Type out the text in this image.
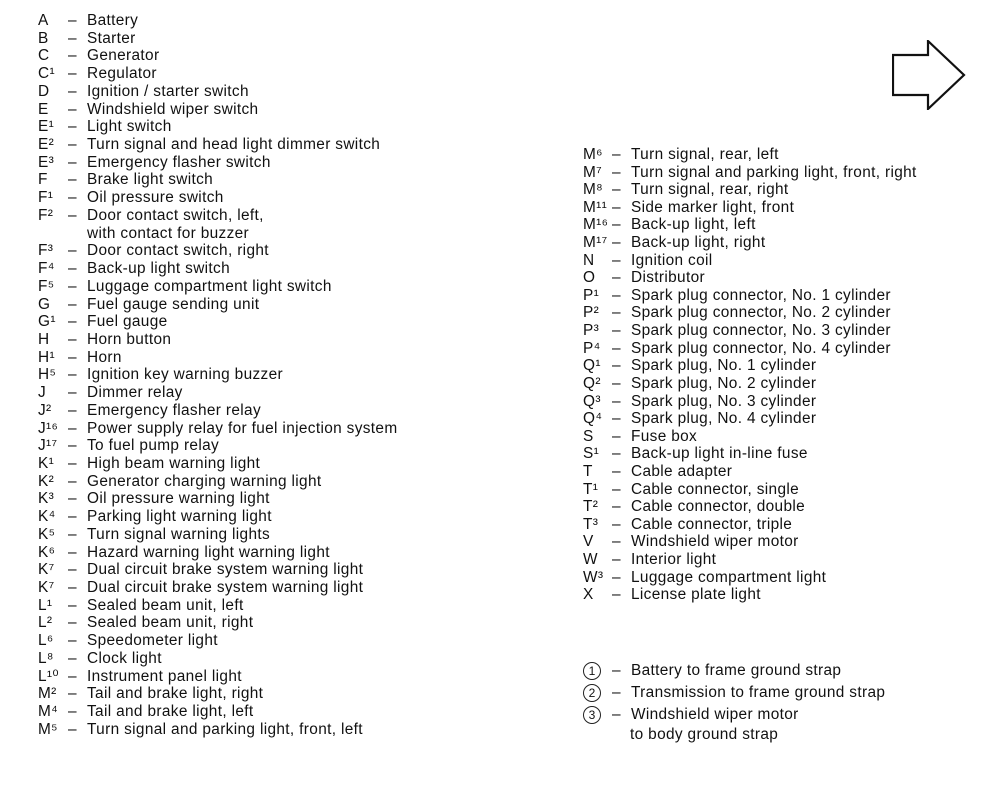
A	– Battery
B	– Starter
C	– Generator
C¹ – Regulator
D	– Ignition / starter switch
E	– Windshield wiper switch
E¹ – Light switch
E² – Turn signal and head light dimmer switch
E³ – Emergency flasher switch
F	– Brake light switch
F¹ – Oil pressure switch
F² – Door contact switch, left,
with contact for buzzer
F³ – Door contact switch, right
F⁴ – Back-up light switch
F⁵ – Luggage compartment light switch
G	– Fuel gauge sending unit
G¹ – Fuel gauge
H	– Horn button
H¹ – Horn
H⁵ – Ignition key warning buzzer
J	– Dimmer relay
J²	– Emergency flasher relay
J¹⁶ – Power supply relay for fuel injection system
J¹⁷ – To fuel pump relay
K¹ – High beam warning light
K² – Generator charging warning light
K³ – Oil pressure warning light
K⁴ – Parking light warning light
K⁵ – Turn signal warning lights
K⁶ – Hazard warning light warning light
K⁷ – Dual circuit brake system warning light
K⁷ – Dual circuit brake system warning light
L¹	– Sealed beam unit, left
L²	– Sealed beam unit, right
L⁶ – Speedometer light
L⁸ – Clock light
L¹⁰ – Instrument panel light
M² – Tail and brake light, right
M⁴ – Tail and brake light, left
M⁵ – Turn signal and parking light, front, left
M⁶ – Turn signal, rear, left
M⁷ – Turn signal and parking light, front, right
M⁸ – Turn signal, rear, right
M¹¹ – Side marker light, front
M¹⁶ – Back-up light, left
M¹⁷ – Back-up light, right
N	– Ignition coil
O	– Distributor
P¹ – Spark plug connector, No. 1 cylinder
P² – Spark plug connector, No. 2 cylinder
P³ – Spark plug connector, No. 3 cylinder
P⁴ – Spark plug connector, No. 4 cylinder
Q¹ – Spark plug, No. 1 cylinder
Q² – Spark plug, No. 2 cylinder
Q³ – Spark plug, No. 3 cylinder
Q⁴ – Spark plug, No. 4 cylinder
S	– Fuse box
S¹ – Back-up light in-line fuse
T	– Cable adapter
T¹ – Cable connector, single
T² – Cable connector, double
T³ – Cable connector, triple
V	– Windshield wiper motor
W – Interior light
W³ – Luggage compartment light
X	– License plate light
1	– Battery to frame ground strap
2	– Transmission to frame ground strap
3	– Windshield wiper motor
to body ground strap
